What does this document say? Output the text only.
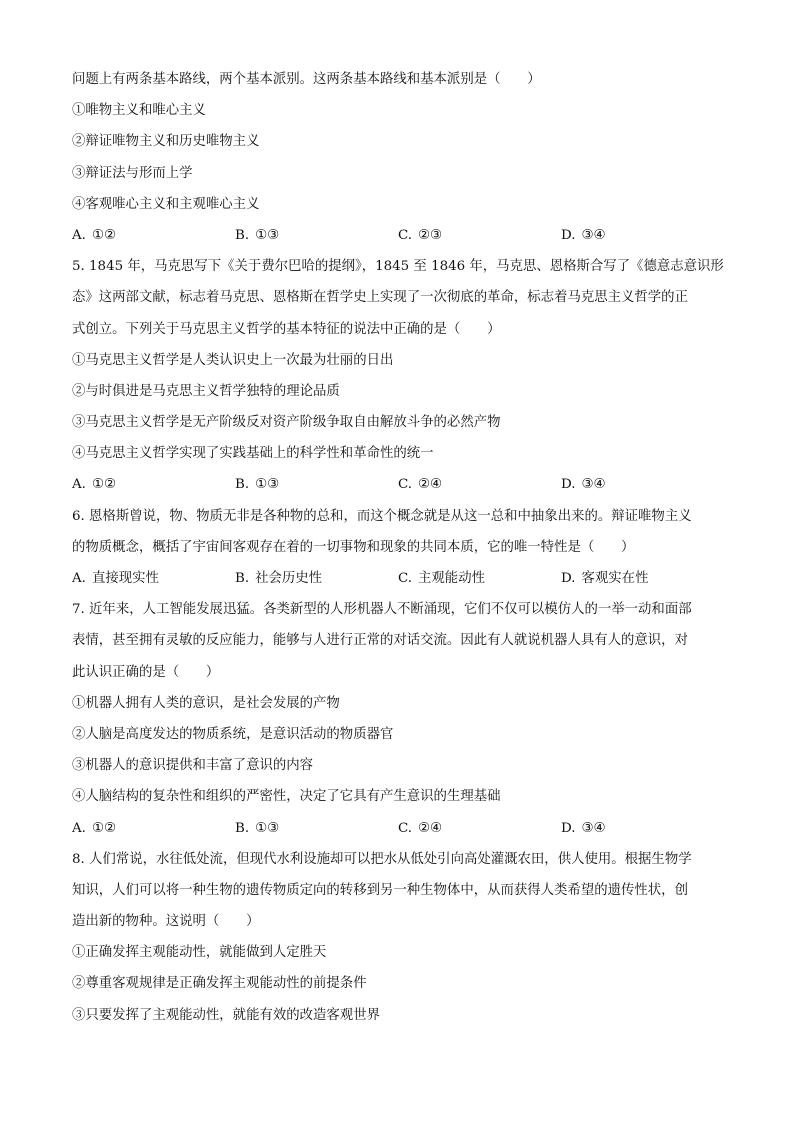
问题上有两条基本路线，两个基本派别。这两条基本路线和基本派别是（　　）
①唯物主义和唯心主义
②辩证唯物主义和历史唯物主义
③辩证法与形而上学
④客观唯心主义和主观唯心主义
A. ①②	B. ①③	C. ②③	D. ③④
5. 1845 年，马克思写下《关于费尔巴哈的提纲》，1845 至 1846 年，马克思、恩格斯合写了《德意志意识形
态》这两部文献，标志着马克思、恩格斯在哲学史上实现了一次彻底的革命，标志着马克思主义哲学的正
式创立。下列关于马克思主义哲学的基本特征的说法中正确的是（　　）
①马克思主义哲学是人类认识史上一次最为壮丽的日出
②与时俱进是马克思主义哲学独特的理论品质
③马克思主义哲学是无产阶级反对资产阶级争取自由解放斗争的必然产物
④马克思主义哲学实现了实践基础上的科学性和革命性的统一
A. ①②	B. ①③	C. ②④	D. ③④
6. 恩格斯曾说，物、物质无非是各种物的总和，而这个概念就是从这一总和中抽象出来的。辩证唯物主义
的物质概念，概括了宇宙间客观存在着的一切事物和现象的共同本质，它的唯一特性是（　　）
A. 直接现实性	B. 社会历史性	C. 主观能动性	D. 客观实在性
7. 近年来，人工智能发展迅猛。各类新型的人形机器人不断涌现，它们不仅可以模仿人的一举一动和面部
表情，甚至拥有灵敏的反应能力，能够与人进行正常的对话交流。因此有人就说机器人具有人的意识，对
此认识正确的是（　　）
①机器人拥有人类的意识，是社会发展的产物
②人脑是高度发达的物质系统，是意识活动的物质器官
③机器人的意识提供和丰富了意识的内容
④人脑结构的复杂性和组织的严密性，决定了它具有产生意识的生理基础
A. ①②	B. ①③	C. ②④	D. ③④
8. 人们常说，水往低处流，但现代水利设施却可以把水从低处引向高处灌溉农田，供人使用。根据生物学
知识，人们可以将一种生物的遗传物质定向的转移到另一种生物体中，从而获得人类希望的遗传性状，创
造出新的物种。这说明（　　）
①正确发挥主观能动性，就能做到人定胜天
②尊重客观规律是正确发挥主观能动性的前提条件
③只要发挥了主观能动性，就能有效的改造客观世界
